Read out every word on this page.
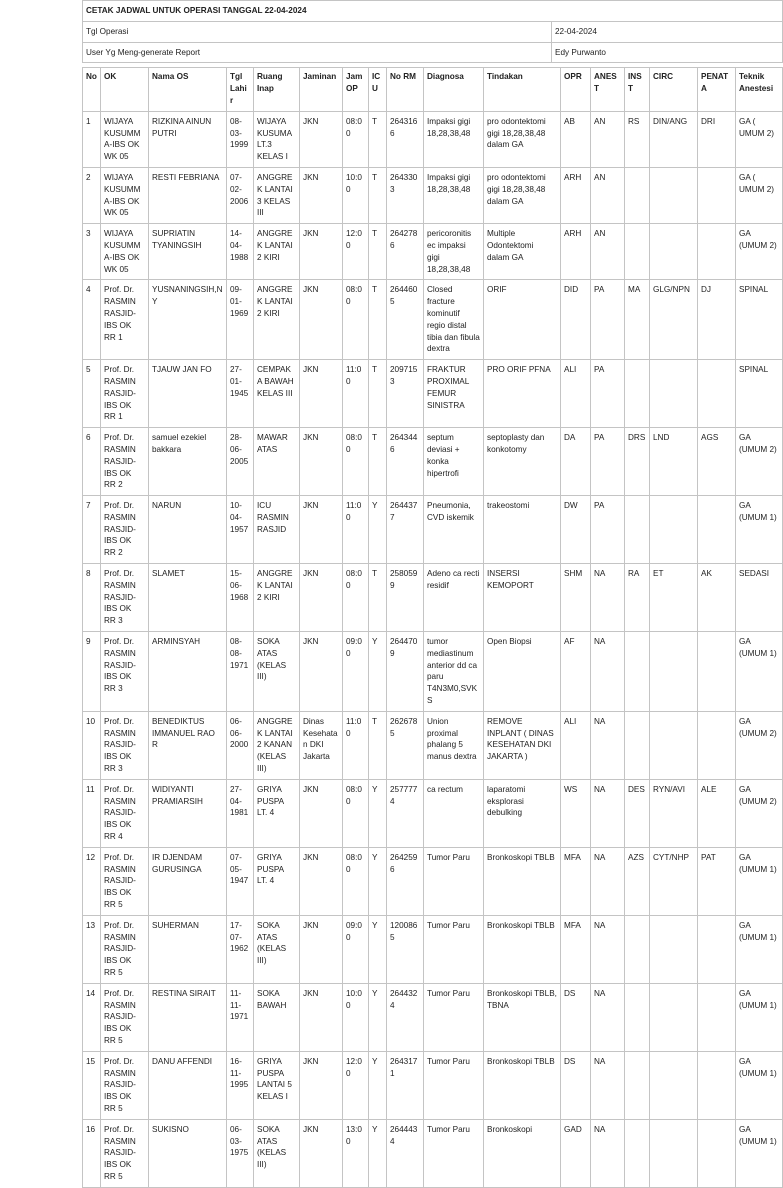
CETAK JADWAL UNTUK OPERASI TANGGAL 22-04-2024	
Tgl Operasi	22-04-2024
User Yg Meng-generate Report	Edy Purwanto
No	OK	Nama OS	Tgl Lahir	Ruang Inap	Jaminan	Jam OP	ICU	No RM	Diagnosa	Tindakan	OPR	ANEST	INST	CIRC	PENATA	Teknik Anestesi
1	WIJAYA KUSUMMA-IBS OK WK 05	RIZKINA AINUN PUTRI	08-03-1999	WIJAYA KUSUMA LT.3 KELAS I	JKN	08:00	T	2643166	Impaksi gigi 18,28,38,48	pro odontektomi gigi 18,28,38,48 dalam GA	AB	AN	RS	DIN/ANG	DRI	GA ( UMUM 2)
2	WIJAYA KUSUMMA-IBS OK WK 05	RESTI FEBRIANA	07-02-2006	ANGGREK LANTAI 3 KELAS III	JKN	10:00	T	2643303	Impaksi gigi 18,28,38,48	pro odontektomi gigi 18,28,38,48 dalam GA	ARH	AN				GA ( UMUM 2)
3	WIJAYA KUSUMMA-IBS OK WK 05	SUPRIATIN TYANINGSIH	14-04-1988	ANGGREK LANTAI 2 KIRI	JKN	12:00	T	2642786	pericoronitis ec impaksi gigi 18,28,38,48	Multiple Odontektomi dalam GA	ARH	AN				GA (UMUM 2)
4	Prof. Dr. RASMIN RASJID-IBS OK RR 1	YUSNANINGSIH,NY	09-01-1969	ANGGREK LANTAI 2 KIRI	JKN	08:00	T	2644605	Closed fracture kominutif regio distal tibia dan fibula dextra	ORIF	DID	PA	MA	GLG/NPN	DJ	SPINAL
5	Prof. Dr. RASMIN RASJID-IBS OK RR 1	TJAUW JAN FO	27-01-1945	CEMPAKA BAWAH KELAS III	JKN	11:00	T	2097153	FRAKTUR PROXIMAL FEMUR SINISTRA	PRO ORIF PFNA	ALI	PA				SPINAL
6	Prof. Dr. RASMIN RASJID-IBS OK RR 2	samuel ezekiel bakkara	28-06-2005	MAWAR ATAS	JKN	08:00	T	2643446	septum deviasi + konka hipertrofi	septoplasty dan konkotomy	DA	PA	DRS	LND	AGS	GA (UMUM 2)
7	Prof. Dr. RASMIN RASJID-IBS OK RR 2	NARUN	10-04-1957	ICU RASMIN RASJID	JKN	11:00	Y	2644377	Pneumonia, CVD iskemik	trakeostomi	DW	PA				GA (UMUM 1)
8	Prof. Dr. RASMIN RASJID-IBS OK RR 3	SLAMET	15-06-1968	ANGGREK LANTAI 2 KIRI	JKN	08:00	T	2580599	Adeno ca recti residif	INSERSI KEMOPORT	SHM	NA	RA	ET	AK	SEDASI
9	Prof. Dr. RASMIN RASJID-IBS OK RR 3	ARMINSYAH	08-08-1971	SOKA ATAS (KELAS III)	JKN	09:00	Y	2644709	tumor mediastinum anterior dd ca paru T4N3M0,SVKS	Open Biopsi	AF	NA				GA (UMUM 1)
10	Prof. Dr. RASMIN RASJID-IBS OK RR 3	BENEDIKTUS IMMANUEL RAO R	06-06-2000	ANGGREK LANTAI 2 KANAN (KELAS III)	Dinas Kesehatan DKI Jakarta	11:00	T	2626785	Union proximal phalang 5 manus dextra	REMOVE INPLANT ( DINAS KESEHATAN DKI JAKARTA )	ALI	NA				GA (UMUM 2)
11	Prof. Dr. RASMIN RASJID-IBS OK RR 4	WIDIYANTI PRAMIARSIH	27-04-1981	GRIYA PUSPA LT. 4	JKN	08:00	Y	2577774	ca rectum	laparatomi eksplorasi debulking	WS	NA	DES	RYN/AVI	ALE	GA (UMUM 2)
12	Prof. Dr. RASMIN RASJID-IBS OK RR 5	IR DJENDAM GURUSINGA	07-05-1947	GRIYA PUSPA LT. 4	JKN	08:00	Y	2642596	Tumor Paru	Bronkoskopi TBLB	MFA	NA	AZS	CYT/NHP	PAT	GA (UMUM 1)
13	Prof. Dr. RASMIN RASJID-IBS OK RR 5	SUHERMAN	17-07-1962	SOKA ATAS (KELAS III)	JKN	09:00	Y	1200865	Tumor Paru	Bronkoskopi TBLB	MFA	NA				GA (UMUM 1)
14	Prof. Dr. RASMIN RASJID-IBS OK RR 5	RESTINA SIRAIT	11-11-1971	SOKA BAWAH	JKN	10:00	Y	2644324	Tumor Paru	Bronkoskopi TBLB, TBNA	DS	NA				GA (UMUM 1)
15	Prof. Dr. RASMIN RASJID-IBS OK RR 5	DANU AFFENDI	16-11-1995	GRIYA PUSPA LANTAI 5 KELAS I	JKN	12:00	Y	2643171	Tumor Paru	Bronkoskopi TBLB	DS	NA				GA (UMUM 1)
16	Prof. Dr. RASMIN RASJID-IBS OK RR 5	SUKISNO	06-03-1975	SOKA ATAS (KELAS III)	JKN	13:00	Y	2644434	Tumor Paru	Bronkoskopi	GAD	NA				GA (UMUM 1)
